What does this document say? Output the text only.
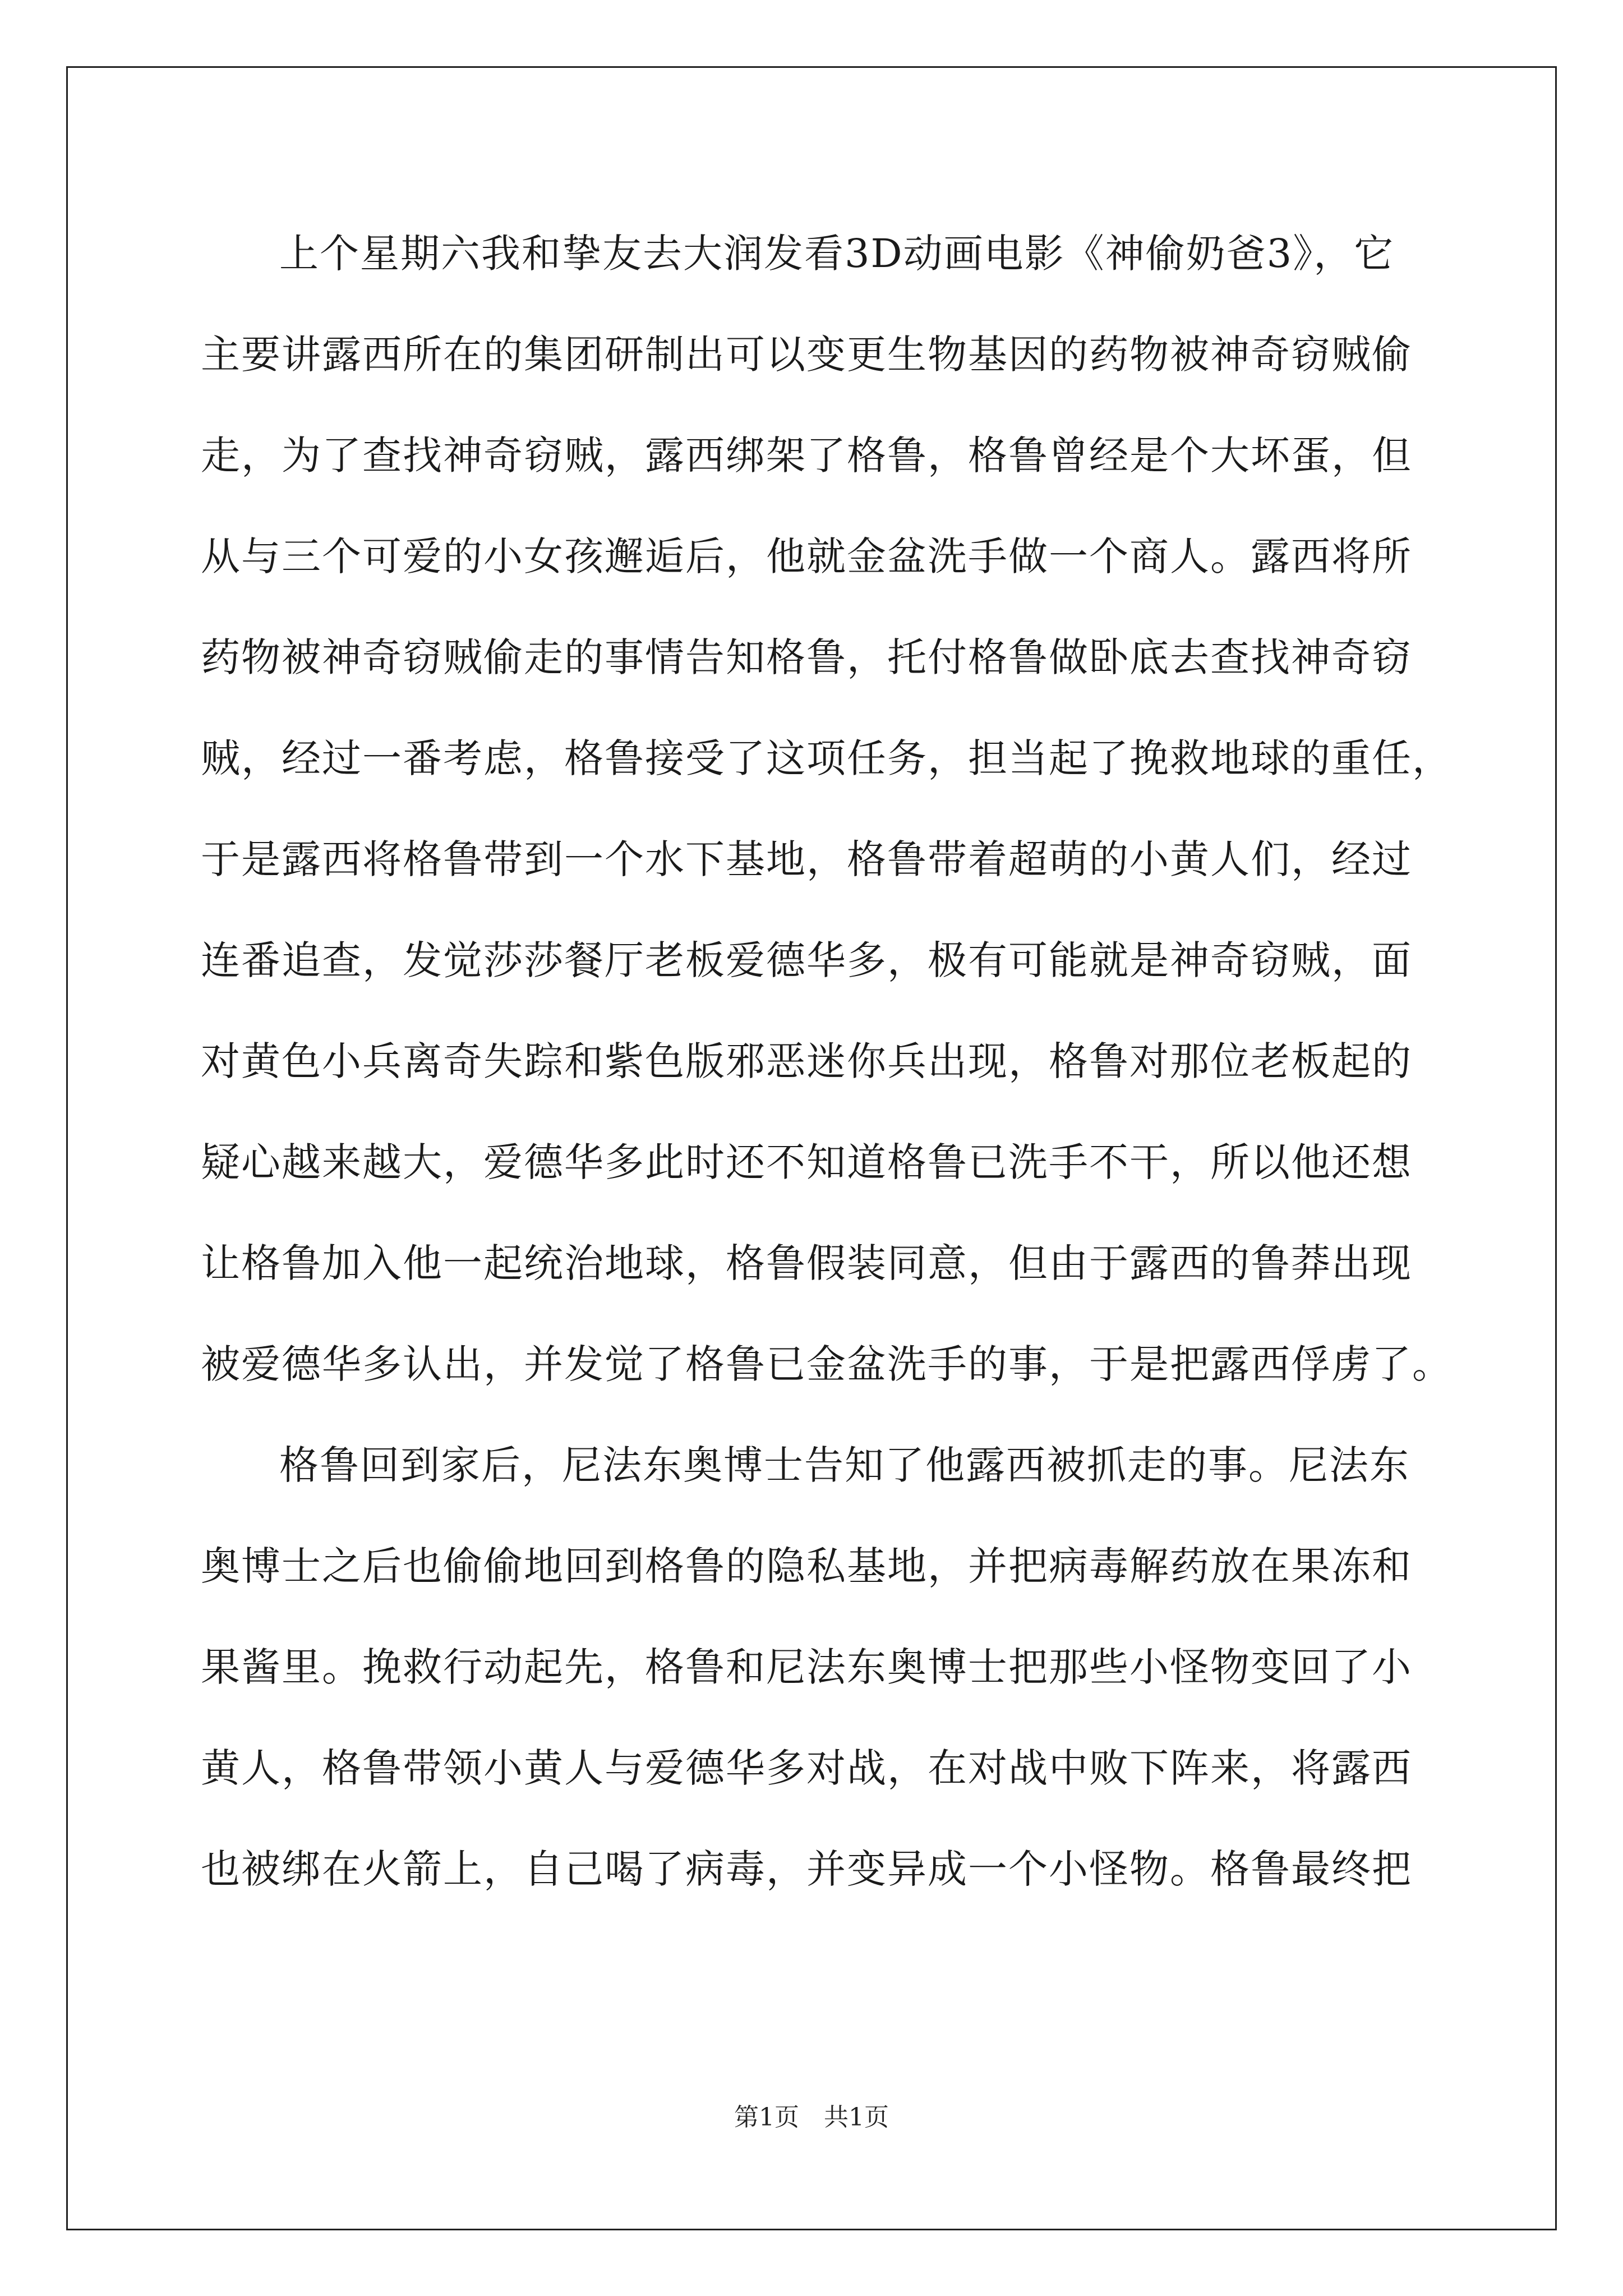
上个星期六我和挚友去大润发看3D动画电影《神偷奶爸3》，它
主要讲露西所在的集团研制出可以变更生物基因的药物被神奇窃贼偷
走，为了查找神奇窃贼，露西绑架了格鲁，格鲁曾经是个大坏蛋，但
从与三个可爱的小女孩邂逅后，他就金盆洗手做一个商人。露西将所
药物被神奇窃贼偷走的事情告知格鲁，托付格鲁做卧底去查找神奇窃
贼，经过一番考虑，格鲁接受了这项任务，担当起了挽救地球的重任，
于是露西将格鲁带到一个水下基地，格鲁带着超萌的小黄人们，经过
连番追查，发觉莎莎餐厅老板爱德华多，极有可能就是神奇窃贼，面
对黄色小兵离奇失踪和紫色版邪恶迷你兵出现，格鲁对那位老板起的
疑心越来越大，爱德华多此时还不知道格鲁已洗手不干，所以他还想
让格鲁加入他一起统治地球，格鲁假装同意，但由于露西的鲁莽出现
被爱德华多认出，并发觉了格鲁已金盆洗手的事，于是把露西俘虏了。
格鲁回到家后，尼法东奥博士告知了他露西被抓走的事。尼法东
奥博士之后也偷偷地回到格鲁的隐私基地，并把病毒解药放在果冻和
果酱里。挽救行动起先，格鲁和尼法东奥博士把那些小怪物变回了小
黄人，格鲁带领小黄人与爱德华多对战，在对战中败下阵来，将露西
也被绑在火箭上，自己喝了病毒，并变异成一个小怪物。格鲁最终把
第1页　共1页
